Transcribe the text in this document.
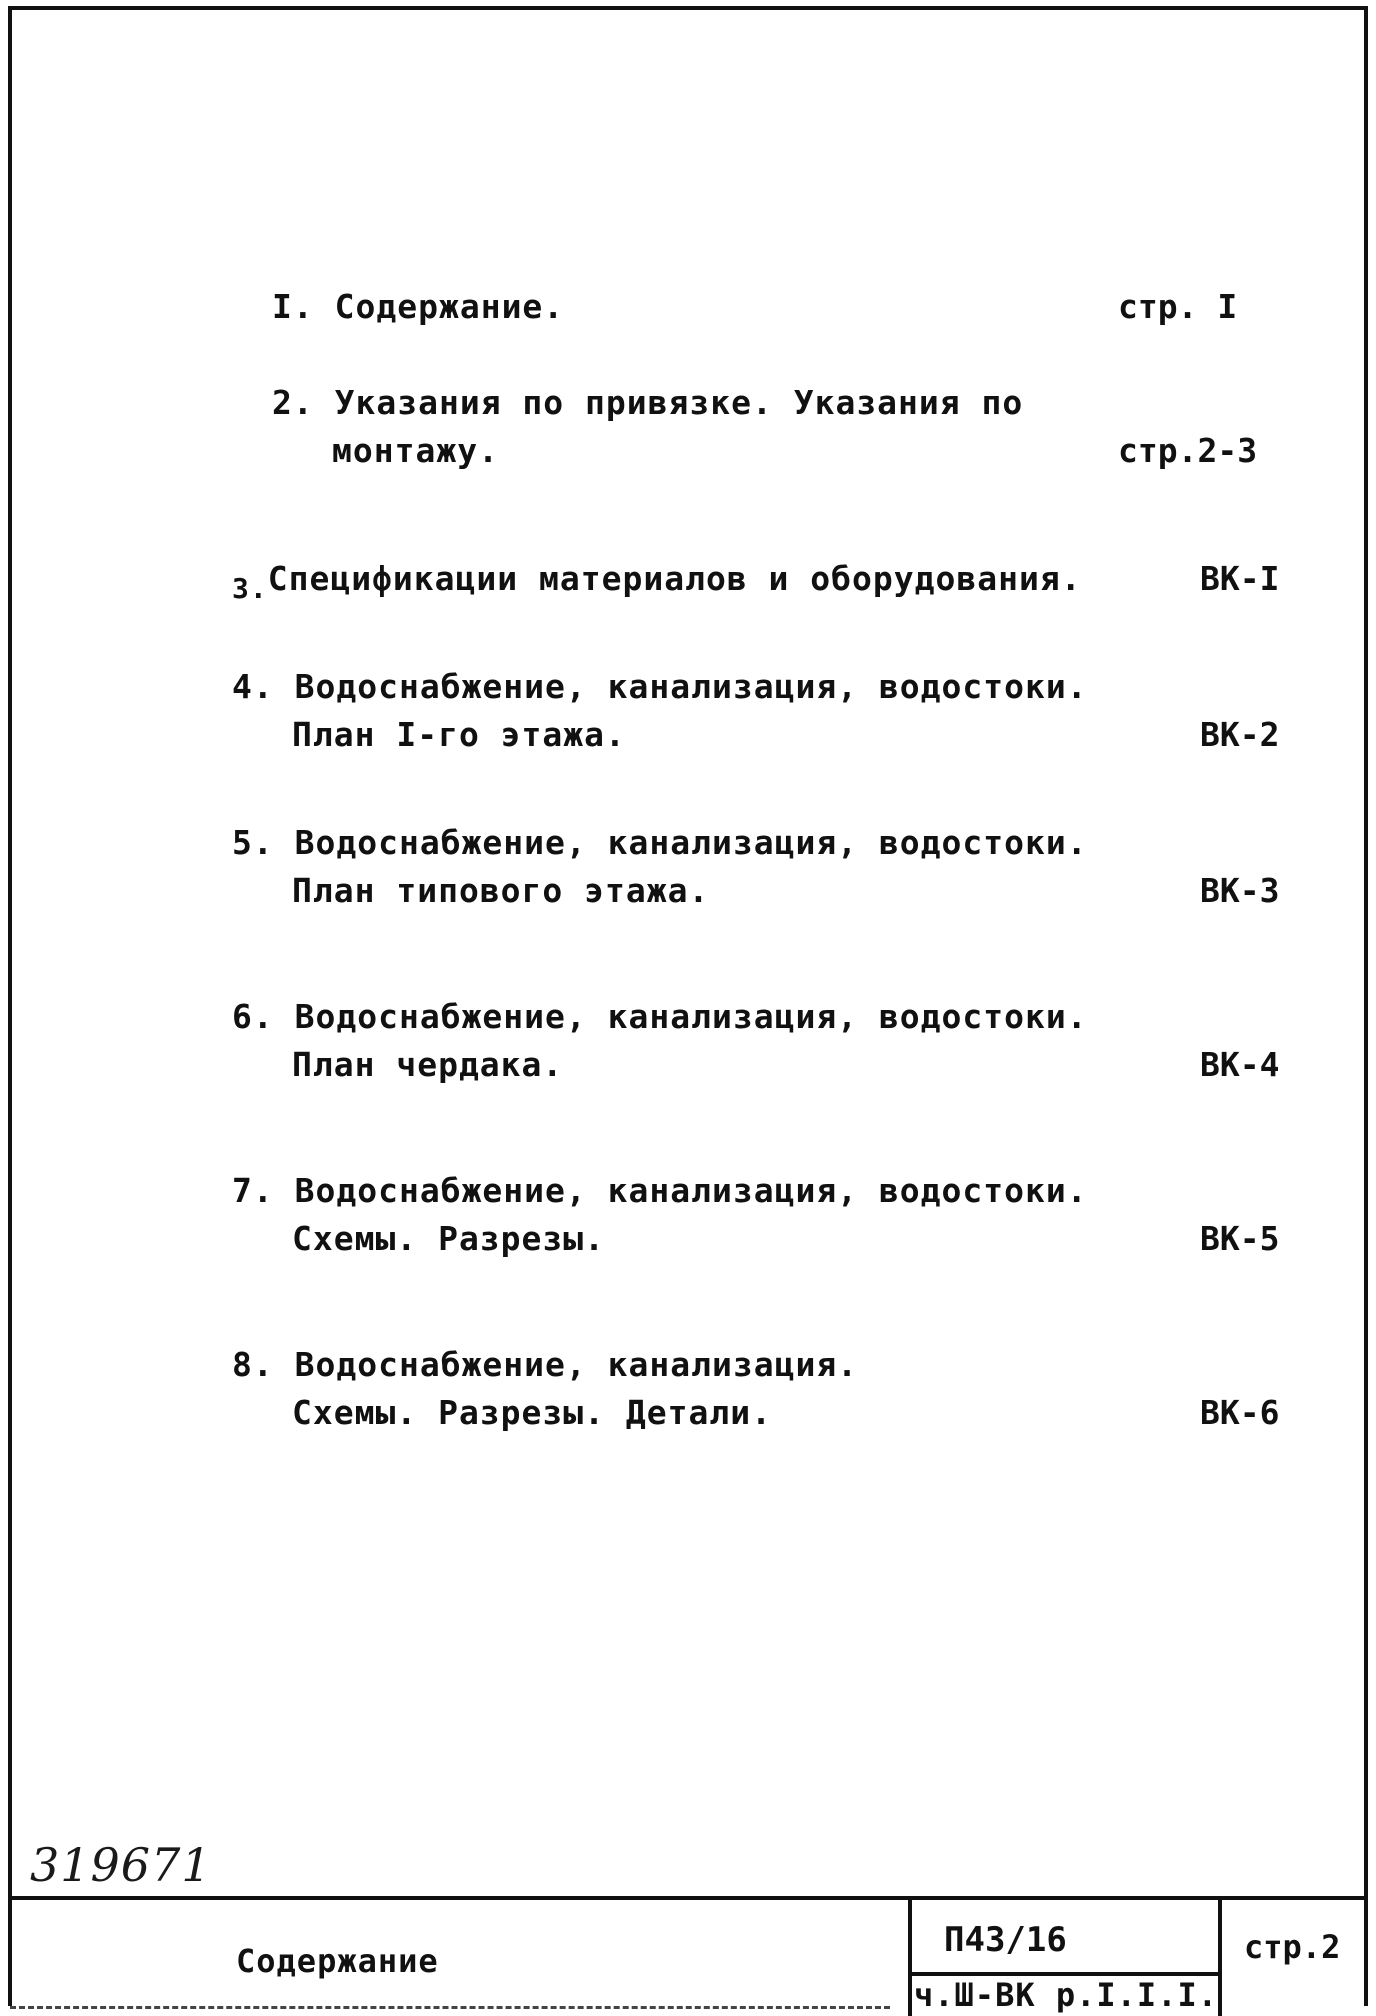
I. Содержание.	стр. I
2. Указания по привязке. Указания по
монтажу.	стр.2-3
3.Спецификации материалов и оборудования.	ВК-I
4. Водоснабжение, канализация, водостоки.
План I-го этажа.	ВК-2
5. Водоснабжение, канализация, водостоки.
План типового этажа.	ВК-3
6. Водоснабжение, канализация, водостоки.
План чердака.	ВК-4
7. Водоснабжение, канализация, водостоки.
Схемы. Разрезы.	ВК-5
8. Водоснабжение, канализация.
Схемы. Разрезы. Детали.	ВК-6
319671
Содержание
П43/16
ч.Ш-ВК р.I.I.I.
стр.2
